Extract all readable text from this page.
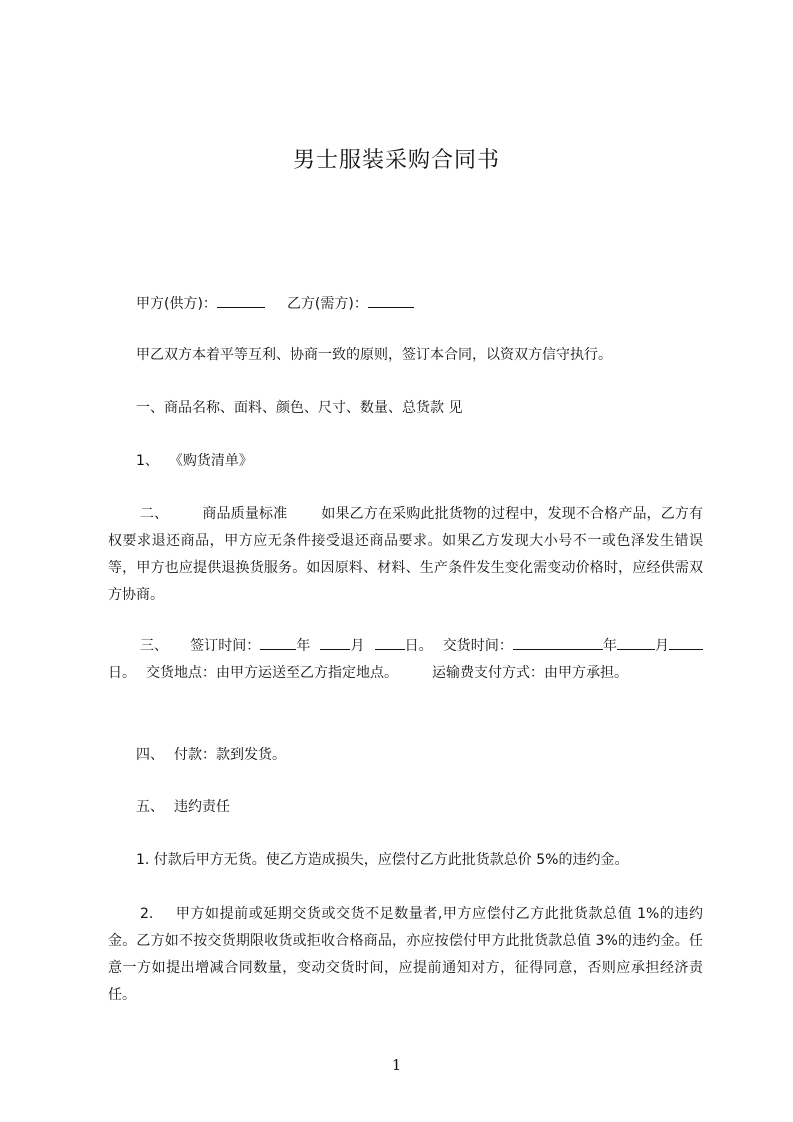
男士服装采购合同书
甲方(供方)：	乙方(需方)：
甲乙双方本着平等互利、协商一致的原则，签订本合同，以资双方信守执行。
一、商品名称、面料、颜色、尺寸、数量、总货款 见
1、 《购货清单》
二、 商品质量标准 如果乙方在采购此批货物的过程中，发现不合格产品，乙方有权要求退还商品，甲方应无条件接受退还商品要求。如果乙方发现大小号不一或色泽发生错误等，甲方也应提供退换货服务。如因原料、材料、生产条件发生变化需变动价格时，应经供需双方协商。
三、 签订时间：	年	月	日。 交货时间：	年	月日。 交货地点：由甲方运送至乙方指定地点。 运输费支付方式：由甲方承担。
四、 付款：款到发货。
五、 违约责任
1. 付款后甲方无货。使乙方造成损失，应偿付乙方此批货款总价 5%的违约金。
2. 甲方如提前或延期交货或交货不足数量者,甲方应偿付乙方此批货款总值 1%的违约金。乙方如不按交货期限收货或拒收合格商品，亦应按偿付甲方此批货款总值 3%的违约金。任意一方如提出增减合同数量，变动交货时间，应提前通知对方，征得同意，否则应承担经济责任。
1
